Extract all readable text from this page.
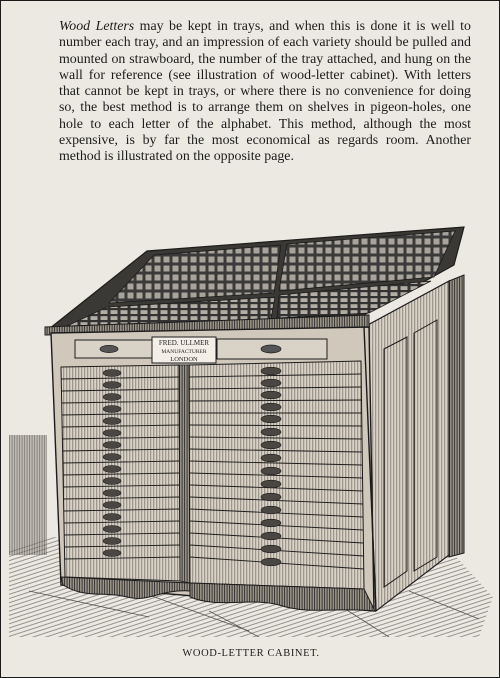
Wood Letters may be kept in trays, and when this is done it is well to number each tray, and an impression of each variety should be pulled and mounted on strawboard, the number of the tray attached, and hung on the wall for reference (see illustration of wood-letter cabinet). With letters that cannot be kept in trays, or where there is no convenience for doing so, the best method is to arrange them on shelves in pigeon-holes, one hole to each letter of the alphabet. This method, although the most expensive, is by far the most economical as regards room. Another method is illustrated on the opposite page.

FRED. ULLMER
MANUFACTURER
LONDON
WOOD-LETTER CABINET.
